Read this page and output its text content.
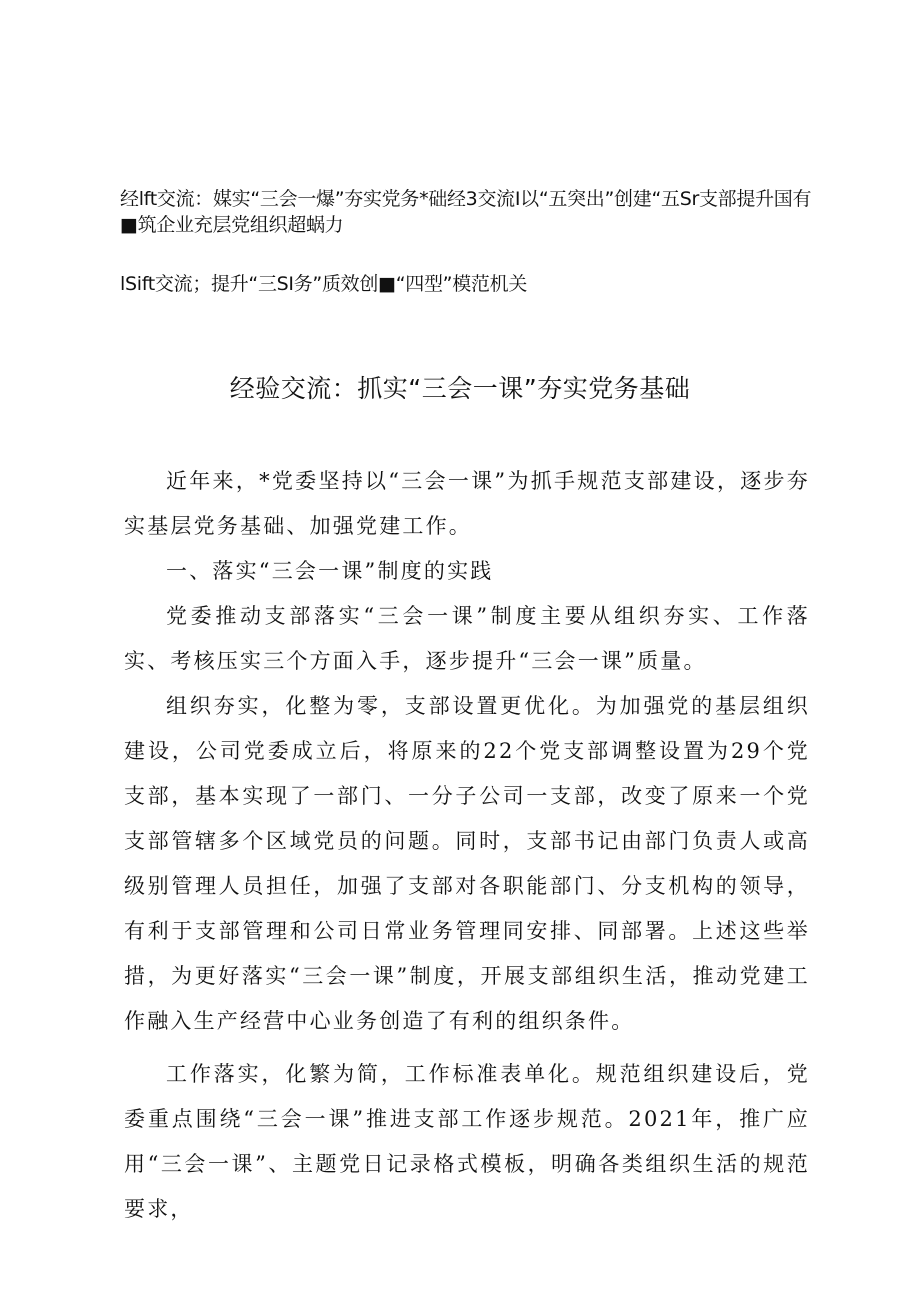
经lft交流：媒实“三会一爆”夯实党务*础经3交流I以“五突出”创建“五Sr支部提升国有■筑企业充层党组织超蜗力
lSift交流；提升“三SI务”质效创■“四型”模范机关
经验交流：抓实“三会一课”夯实党务基础

近年来，*党委坚持以“三会一课”为抓手规范支部建设，逐步夯实基层党务基础、加强党建工作。

一、落实“三会一课”制度的实践

党委推动支部落实“三会一课”制度主要从组织夯实、工作落实、考核压实三个方面入手，逐步提升“三会一课”质量。

组织夯实，化整为零，支部设置更优化。为加强党的基层组织建设，公司党委成立后，将原来的22个党支部调整设置为29个党支部，基本实现了一部门、一分子公司一支部，改变了原来一个党支部管辖多个区域党员的问题。同时，支部书记由部门负责人或高级别管理人员担任，加强了支部对各职能部门、分支机构的领导，有利于支部管理和公司日常业务管理同安排、同部署。上述这些举措，为更好落实“三会一课”制度，开展支部组织生活，推动党建工作融入生产经营中心业务创造了有利的组织条件。

工作落实，化繁为简，工作标准表单化。规范组织建设后，党委重点围绕“三会一课”推进支部工作逐步规范。2021年，推广应用“三会一课”、主题党日记录格式模板，明确各类组织生活的规范要求，
